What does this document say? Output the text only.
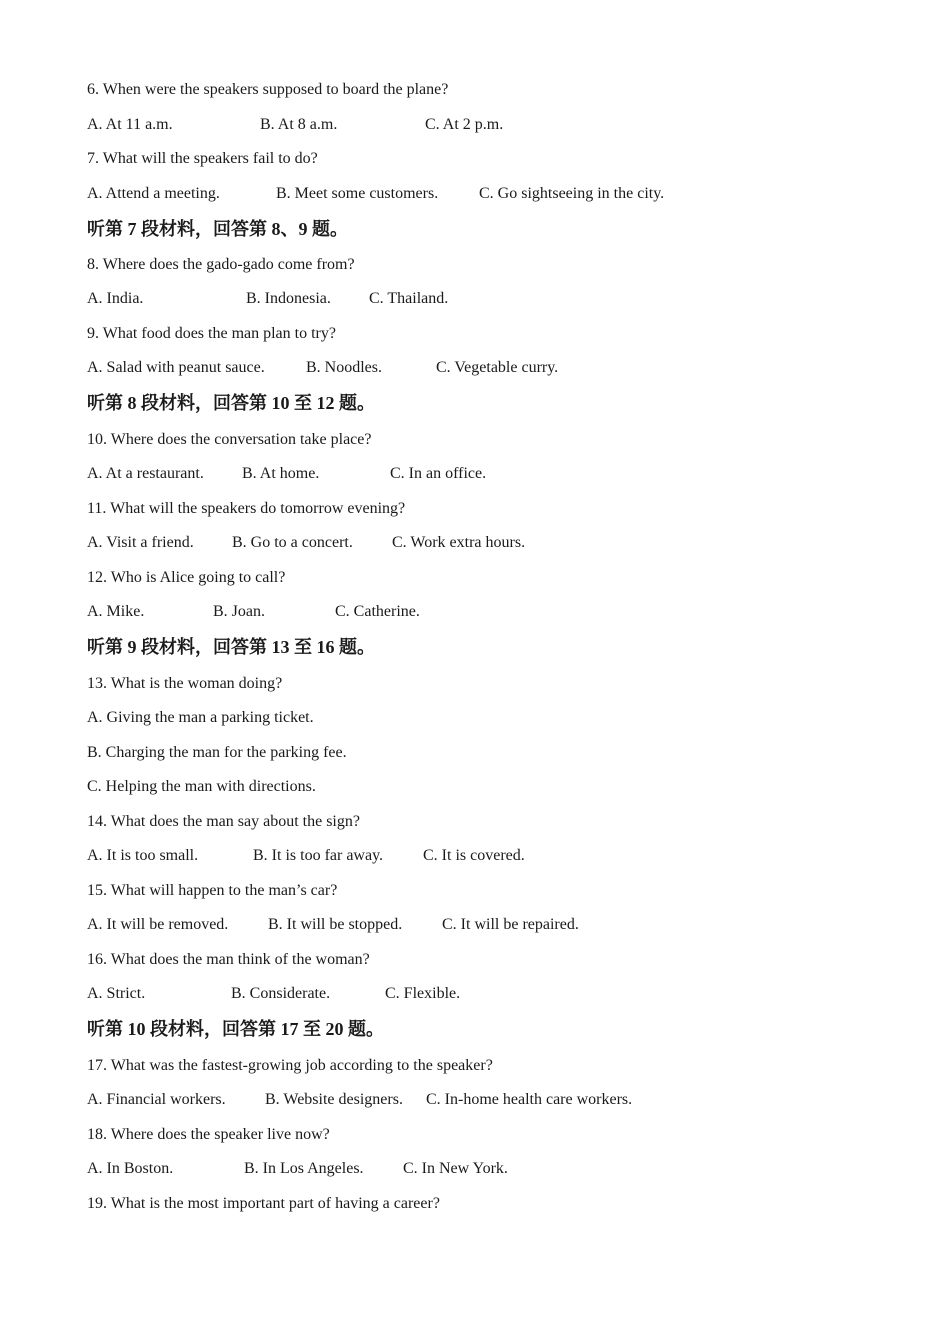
6. When were the speakers supposed to board the plane?
A. At 11 a.m.	B. At 8 a.m.	C. At 2 p.m.
7. What will the speakers fail to do?
A. Attend a meeting.	B. Meet some customers.	C. Go sightseeing in the city.
听第 7 段材料，回答第 8、9 题。
8. Where does the gado-gado come from?
A. India.	B. Indonesia. C. Thailand.
9. What food does the man plan to try?
A. Salad with peanut sauce.	B. Noodles.	C. Vegetable curry.
听第 8 段材料，回答第 10 至 12 题。
10. Where does the conversation take place?
A. At a restaurant. B. At home.	C. In an office.
11. What will the speakers do tomorrow evening?
A. Visit a friend. B. Go to a concert. C. Work extra hours.
12. Who is Alice going to call?
A. Mike.	B. Joan.	C. Catherine.
听第 9 段材料，回答第 13 至 16 题。
13. What is the woman doing?
A. Giving the man a parking ticket.
B. Charging the man for the parking fee.
C. Helping the man with directions.
14. What does the man say about the sign?
A. It is too small.	B. It is too far away. C. It is covered.
15. What will happen to the man’s car?
A. It will be removed. B. It will be stopped. C. It will be repaired.
16. What does the man think of the woman?
A. Strict.	B. Considerate.	C. Flexible.
听第 10 段材料，回答第 17 至 20 题。
17. What was the fastest-growing job according to the speaker?
A. Financial workers. B. Website designers. C. In-home health care workers.
18. Where does the speaker live now?
A. In Boston.	B. In Los Angeles. C. In New York.
19. What is the most important part of having a career?
